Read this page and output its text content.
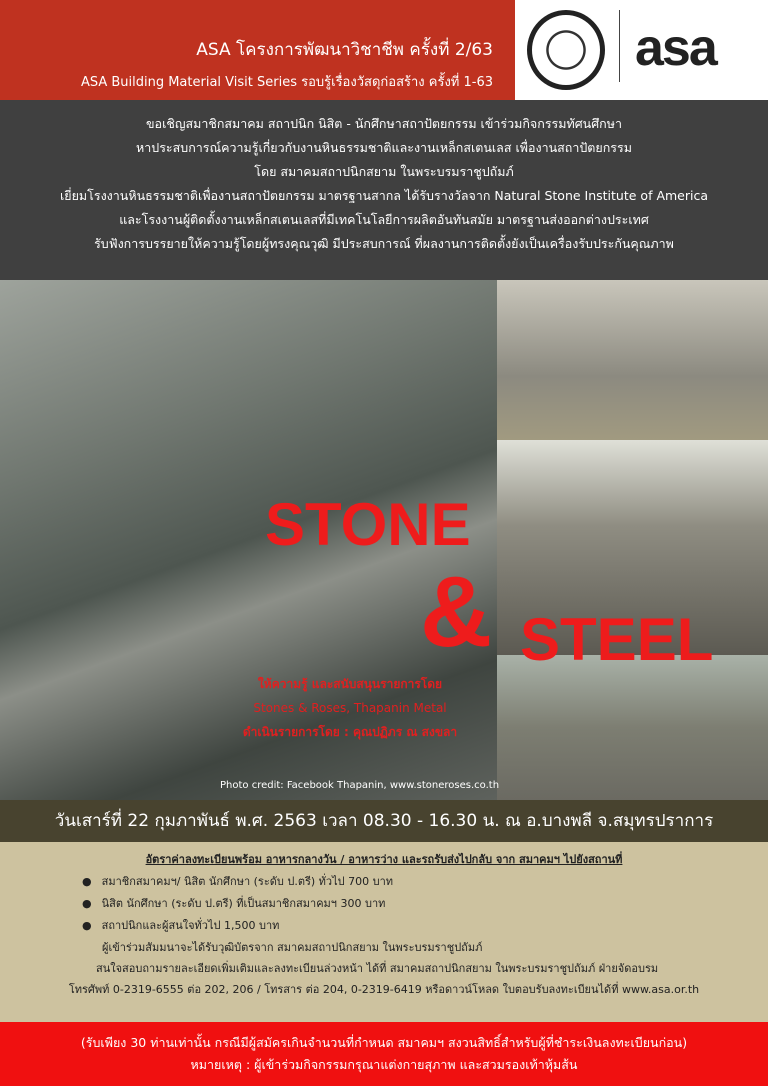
ASA โครงการพัฒนาวิชาชีพ ครั้งที่ 2/63
ASA Building Material Visit Series รอบรู้เรื่องวัสดุก่อสร้าง ครั้งที่ 1-63
asa
ขอเชิญสมาชิกสมาคม สถาปนิก นิสิต - นักศึกษาสถาปัตยกรรม เข้าร่วมกิจกรรมทัศนศึกษา
หาประสบการณ์ความรู้เกี่ยวกับงานหินธรรมชาติและงานเหล็กสเตนเลส เพื่องานสถาปัตยกรรม
โดย สมาคมสถาปนิกสยาม ในพระบรมราชูปถัมภ์
เยี่ยมโรงงานหินธรรมชาติเพื่องานสถาปัตยกรรม มาตรฐานสากล ได้รับรางวัลจาก Natural Stone Institute of America
และโรงงานผู้ติดตั้งงานเหล็กสเตนเลสที่มีเทคโนโลยีการผลิตอันทันสมัย มาตรฐานส่งออกต่างประเทศ
รับฟังการบรรยายให้ความรู้โดยผู้ทรงคุณวุฒิ มีประสบการณ์ ที่ผลงานการติดตั้งยังเป็นเครื่องรับประกันคุณภาพ
STONE
& STEEL
ให้ความรู้ และสนับสนุนรายการโดย
Stones & Roses, Thapanin Metal
ดำเนินรายการโดย : คุณปฏิภร ณ สงขลา
Photo credit: Facebook Thapanin, www.stoneroses.co.th
วันเสาร์ที่ 22 กุมภาพันธ์ พ.ศ. 2563 เวลา 08.30 - 16.30 น. ณ อ.บางพลี จ.สมุทรปราการ
อัตราค่าลงทะเบียนพร้อม อาหารกลางวัน / อาหารว่าง และรถรับส่งไปกลับ จาก สมาคมฯ ไปยังสถานที่
● สมาชิกสมาคมฯ/ นิสิต นักศึกษา (ระดับ ป.ตรี) ทั่วไป 700 บาท
● นิสิต นักศึกษา (ระดับ ป.ตรี) ที่เป็นสมาชิกสมาคมฯ 300 บาท
● สถาปนิกและผู้สนใจทั่วไป 1,500 บาท
ผู้เข้าร่วมสัมมนาจะได้รับวุฒิบัตรจาก สมาคมสถาปนิกสยาม ในพระบรมราชูปถัมภ์
สนใจสอบถามรายละเอียดเพิ่มเติมและลงทะเบียนล่วงหน้า ได้ที่ สมาคมสถาปนิกสยาม ในพระบรมราชูปถัมภ์ ฝ่ายจัดอบรม
โทรศัพท์ 0-2319-6555 ต่อ 202, 206 / โทรสาร ต่อ 204, 0-2319-6419 หรือดาวน์โหลด ใบตอบรับลงทะเบียนได้ที่ www.asa.or.th
(รับเพียง 30 ท่านเท่านั้น กรณีมีผู้สมัครเกินจำนวนที่กำหนด สมาคมฯ สงวนสิทธิ์สำหรับผู้ที่ชำระเงินลงทะเบียนก่อน)
หมายเหตุ : ผู้เข้าร่วมกิจกรรมกรุณาแต่งกายสุภาพ และสวมรองเท้าหุ้มส้น
